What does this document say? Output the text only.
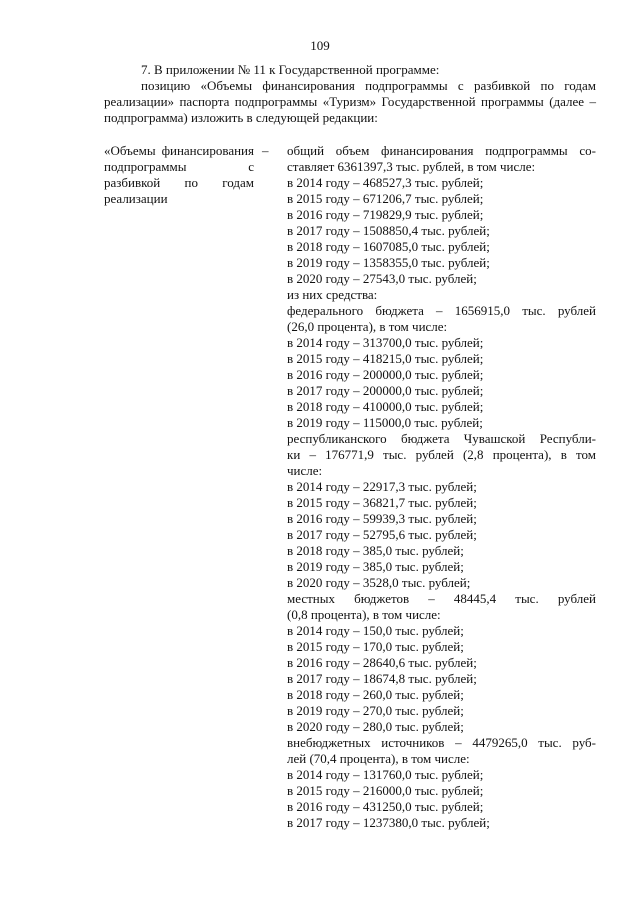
109

7. В приложении № 11 к Государственной программе:

позицию «Объемы финансирования подпрограммы с разбивкой по годам реализации» паспорта подпрограммы «Туризм» Государственной программы (далее – подпрограмма) изложить в следующей редакции:

«Объемы финансирования подпрограммы с разбивкой по годам реализации
– общий объем финансирования подпрограммы со-
ставляет 6361397,3 тыс. рублей, в том числе:
в 2014 году – 468527,3 тыс. рублей;
в 2015 году – 671206,7 тыс. рублей;
в 2016 году – 719829,9 тыс. рублей;
в 2017 году – 1508850,4 тыс. рублей;
в 2018 году – 1607085,0 тыс. рублей;
в 2019 году – 1358355,0 тыс. рублей;
в 2020 году – 27543,0 тыс. рублей;
из них средства:
федерального бюджета – 1656915,0 тыс. рублей
(26,0 процента), в том числе:
в 2014 году – 313700,0 тыс. рублей;
в 2015 году – 418215,0 тыс. рублей;
в 2016 году – 200000,0 тыс. рублей;
в 2017 году – 200000,0 тыс. рублей;
в 2018 году – 410000,0 тыс. рублей;
в 2019 году – 115000,0 тыс. рублей;
республиканского бюджета Чувашской Республи-
ки – 176771,9 тыс. рублей (2,8 процента), в том
числе:
в 2014 году – 22917,3 тыс. рублей;
в 2015 году – 36821,7 тыс. рублей;
в 2016 году – 59939,3 тыс. рублей;
в 2017 году – 52795,6 тыс. рублей;
в 2018 году – 385,0 тыс. рублей;
в 2019 году – 385,0 тыс. рублей;
в 2020 году – 3528,0 тыс. рублей;
местных бюджетов – 48445,4 тыс. рублей
(0,8 процента), в том числе:
в 2014 году – 150,0 тыс. рублей;
в 2015 году – 170,0 тыс. рублей;
в 2016 году – 28640,6 тыс. рублей;
в 2017 году – 18674,8 тыс. рублей;
в 2018 году – 260,0 тыс. рублей;
в 2019 году – 270,0 тыс. рублей;
в 2020 году – 280,0 тыс. рублей;
внебюджетных источников – 4479265,0 тыс. руб-
лей (70,4 процента), в том числе:
в 2014 году – 131760,0 тыс. рублей;
в 2015 году – 216000,0 тыс. рублей;
в 2016 году – 431250,0 тыс. рублей;
в 2017 году – 1237380,0 тыс. рублей;
